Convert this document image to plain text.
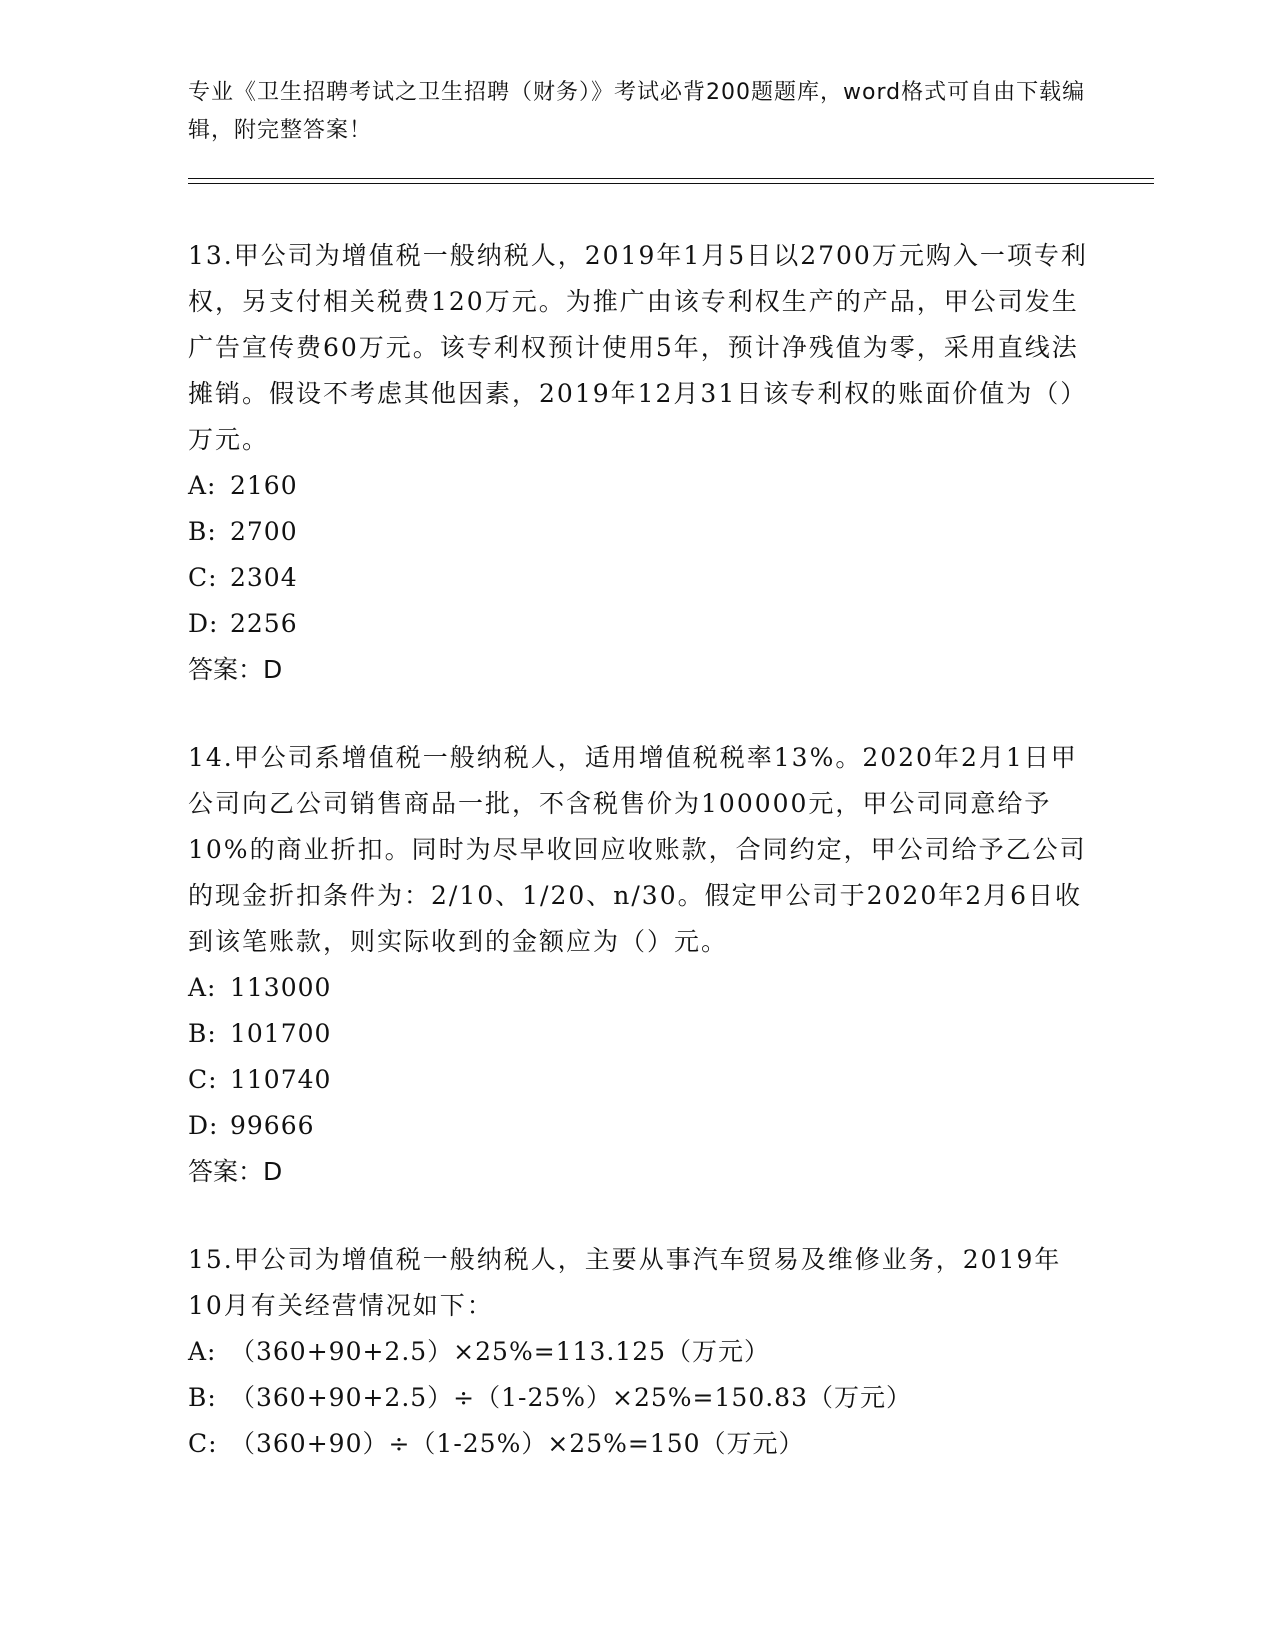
专业《卫生招聘考试之卫生招聘（财务）》考试必背200题题库，word格式可自由下载编辑，附完整答案！

13.甲公司为增值税一般纳税人，2019年1月5日以2700万元购入一项专利权，另支付相关税费120万元。为推广由该专利权生产的产品，甲公司发生广告宣传费60万元。该专利权预计使用5年，预计净残值为零，采用直线法摊销。假设不考虑其他因素，2019年12月31日该专利权的账面价值为（）万元。

A: 2160

B: 2700

C: 2304

D: 2256

答案：D

14.甲公司系增值税一般纳税人，适用增值税税率13%。2020年2月1日甲公司向乙公司销售商品一批，不含税售价为100000元，甲公司同意给予10%的商业折扣。同时为尽早收回应收账款，合同约定，甲公司给予乙公司的现金折扣条件为：2/10、1/20、n/30。假定甲公司于2020年2月6日收到该笔账款，则实际收到的金额应为（）元。

A: 113000

B: 101700

C: 110740

D: 99666

答案：D

15.甲公司为增值税一般纳税人，主要从事汽车贸易及维修业务，2019年10月有关经营情况如下：

A: （360+90+2.5）×25%=113.125（万元）

B: （360+90+2.5）÷（1-25%）×25%=150.83（万元）

C: （360+90）÷（1-25%）×25%=150（万元）
